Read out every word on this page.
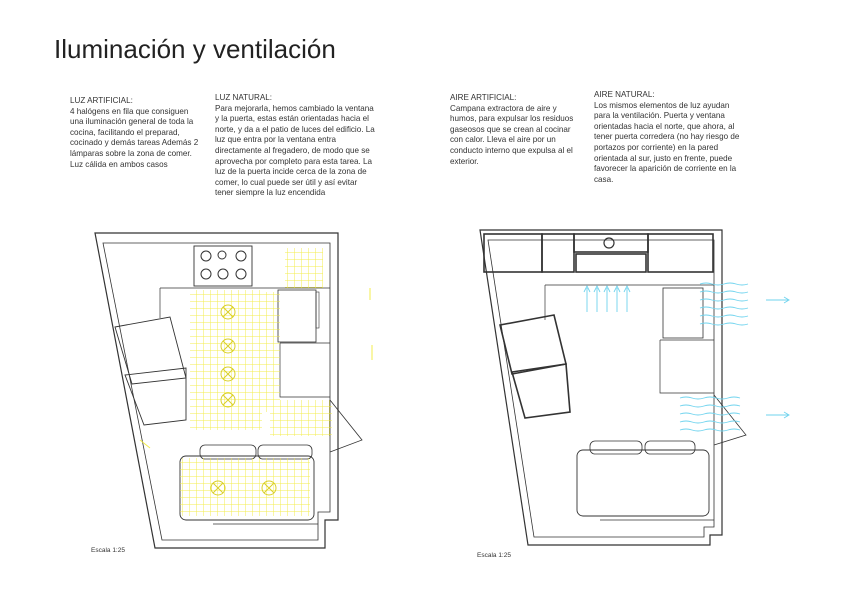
Iluminación y ventilación
LUZ ARTIFICIAL:
4 halógens en fila que consiguen una iluminación general de toda la cocina, facilitando el preparad, cocinado y demás tareas Además 2 lámparas sobre la zona de comer. Luz cálida en ambos casos
LUZ NATURAL:
Para mejorarla, hemos cambiado la ventana y la puerta, estas están orientadas hacia el norte, y da a el patio de luces del edificio. La luz que entra por la ventana entra directamente al fregadero, de modo que se aprovecha por completo para esta tarea. La luz de la puerta incide cerca de la zona de comer, lo cual puede ser útil y así evitar tener siempre la luz encendida
AIRE ARTIFICIAL:
Campana extractora de aire y humos, para expulsar los residuos gaseosos que se crean al cocinar con calor. Lleva el aire por un conducto interno que expulsa al el exterior.
AIRE NATURAL:
Los mismos elementos de luz ayudan para la ventilación. Puerta y ventana orientadas hacia el norte, que ahora, al tener puerta corredera (no hay riesgo de portazos por corriente) en la pared orientada al sur, justo en frente, puede favorecer la aparición de corriente en la casa.
Escala 1:25
Escala 1:25
